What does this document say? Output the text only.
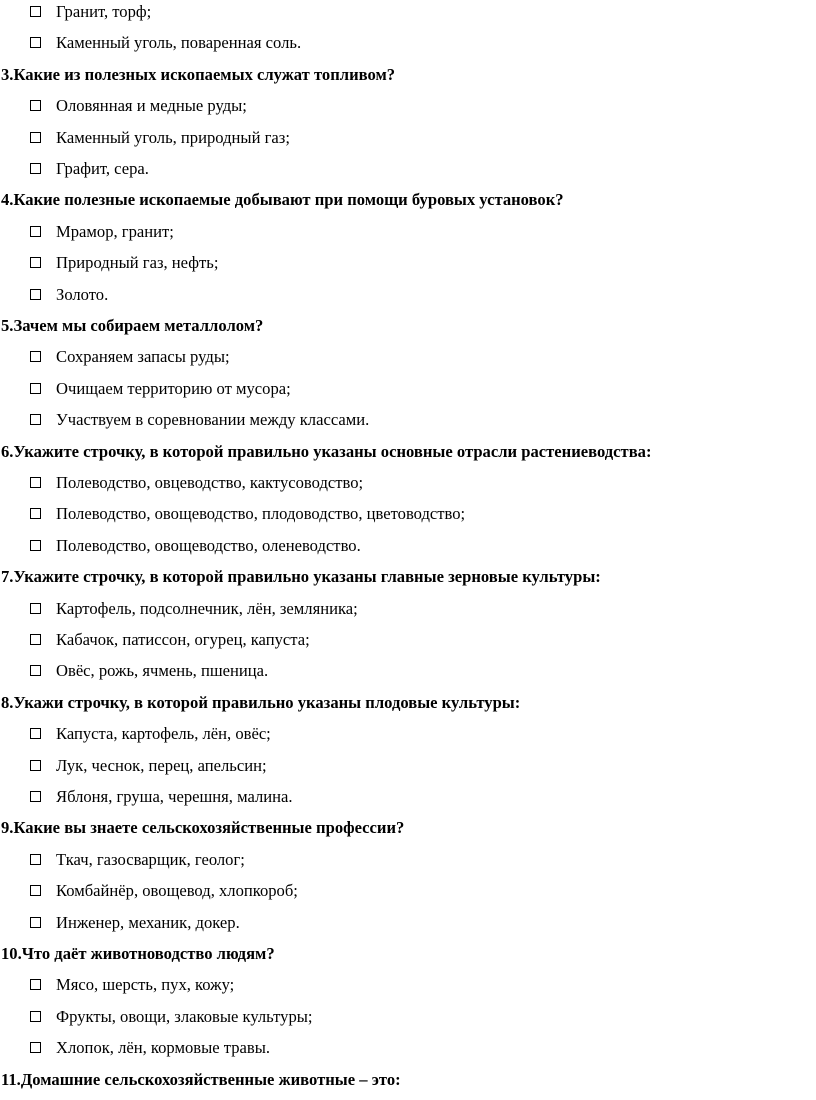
Гранит, торф;
Каменный уголь, поваренная соль.
3.Какие из полезных ископаемых служат топливом?
Оловянная и медные руды;
Каменный уголь, природный газ;
Графит, сера.
4.Какие полезные ископаемые добывают при помощи буровых установок?
Мрамор, гранит;
Природный газ, нефть;
Золото.
5.Зачем мы собираем металлолом?
Сохраняем запасы руды;
Очищаем территорию от мусора;
Участвуем в соревновании между классами.
6.Укажите строчку, в которой правильно указаны основные отрасли растениеводства:
Полеводство, овцеводство, кактусоводство;
Полеводство, овощеводство, плодоводство, цветоводство;
Полеводство, овощеводство, оленеводство.
7.Укажите строчку, в которой правильно указаны главные зерновые культуры:
Картофель, подсолнечник, лён, земляника;
Кабачок, патиссон, огурец, капуста;
Овёс, рожь, ячмень, пшеница.
8.Укажи строчку, в которой правильно указаны плодовые культуры:
Капуста, картофель, лён, овёс;
Лук, чеснок, перец, апельсин;
Яблоня, груша, черешня, малина.
9.Какие вы знаете сельскохозяйственные профессии?
Ткач, газосварщик, геолог;
Комбайнёр, овощевод, хлопкороб;
Инженер, механик, докер.
10.Что даёт животноводство людям?
Мясо, шерсть, пух, кожу;
Фрукты, овощи, злаковые культуры;
Хлопок, лён, кормовые травы.
11.Домашние сельскохозяйственные животные – это:
